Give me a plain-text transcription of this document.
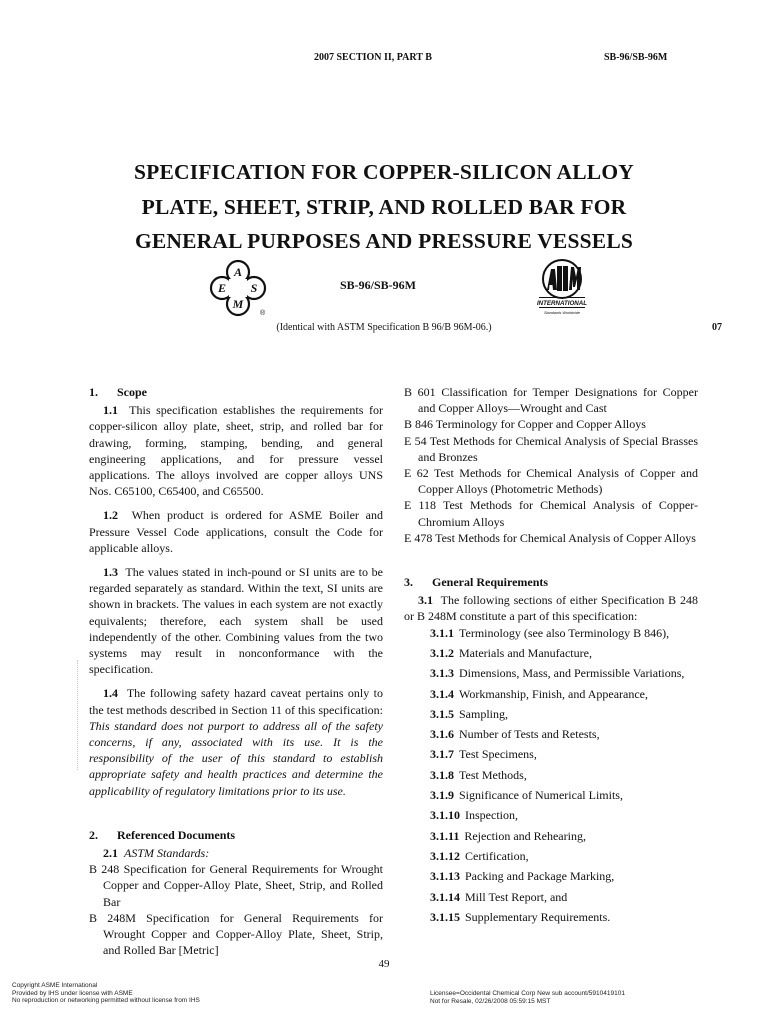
2007 SECTION II, PART B	SB-96/SB-96M
SPECIFICATION FOR COPPER-SILICON ALLOY
PLATE, SHEET, STRIP, AND ROLLED BAR FOR
GENERAL PURPOSES AND PRESSURE VESSELS
A
E S
M
®
SB-96/SB-96M
INTERNATIONAL
Standards Worldwide
(Identical with ASTM Specification B 96/B 96M-06.)	07
1. Scope

1.1 This specification establishes the requirements for copper-silicon alloy plate, sheet, strip, and rolled bar for drawing, forming, stamping, bending, and general engineering applications, and for pressure vessel applications. The alloys involved are copper alloys UNS Nos. C65100, C65400, and C65500.

1.2 When product is ordered for ASME Boiler and Pressure Vessel Code applications, consult the Code for applicable alloys.

1.3 The values stated in inch-pound or SI units are to be regarded separately as standard. Within the text, SI units are shown in brackets. The values in each system are not exactly equivalents; therefore, each system shall be used independently of the other. Combining values from the two systems may result in nonconformance with the specification.

1.4 The following safety hazard caveat pertains only to the test methods described in Section 11 of this specification: This standard does not purport to address all of the safety concerns, if any, associated with its use. It is the responsibility of the user of this standard to establish appropriate safety and health practices and determine the applicability of regulatory limitations prior to its use.

2. Referenced Documents

2.1 ASTM Standards:

B 248 Specification for General Requirements for Wrought Copper and Copper-Alloy Plate, Sheet, Strip, and Rolled Bar

B 248M Specification for General Requirements for Wrought Copper and Copper-Alloy Plate, Sheet, Strip, and Rolled Bar [Metric]

B 601 Classification for Temper Designations for Copper and Copper Alloys—Wrought and Cast

B 846 Terminology for Copper and Copper Alloys

E 54 Test Methods for Chemical Analysis of Special Brasses and Bronzes

E 62 Test Methods for Chemical Analysis of Copper and Copper Alloys (Photometric Methods)

E 118 Test Methods for Chemical Analysis of Copper-Chromium Alloys

E 478 Test Methods for Chemical Analysis of Copper Alloys

3. General Requirements

3.1 The following sections of either Specification B 248 or B 248M constitute a part of this specification:

3.1.1 Terminology (see also Terminology B 846),
3.1.2 Materials and Manufacture,
3.1.3 Dimensions, Mass, and Permissible Variations,
3.1.4 Workmanship, Finish, and Appearance,
3.1.5 Sampling,
3.1.6 Number of Tests and Retests,
3.1.7 Test Specimens,
3.1.8 Test Methods,
3.1.9 Significance of Numerical Limits,
3.1.10 Inspection,
3.1.11 Rejection and Rehearing,
3.1.12 Certification,
3.1.13 Packing and Package Marking,
3.1.14 Mill Test Report, and
3.1.15 Supplementary Requirements.
49
Copyright ASME International
Provided by IHS under license with ASME
No reproduction or networking permitted without license from IHS
Licensee=Occidental Chemical Corp New sub account/5910419101
Not for Resale, 02/26/2008 05:59:15 MST
